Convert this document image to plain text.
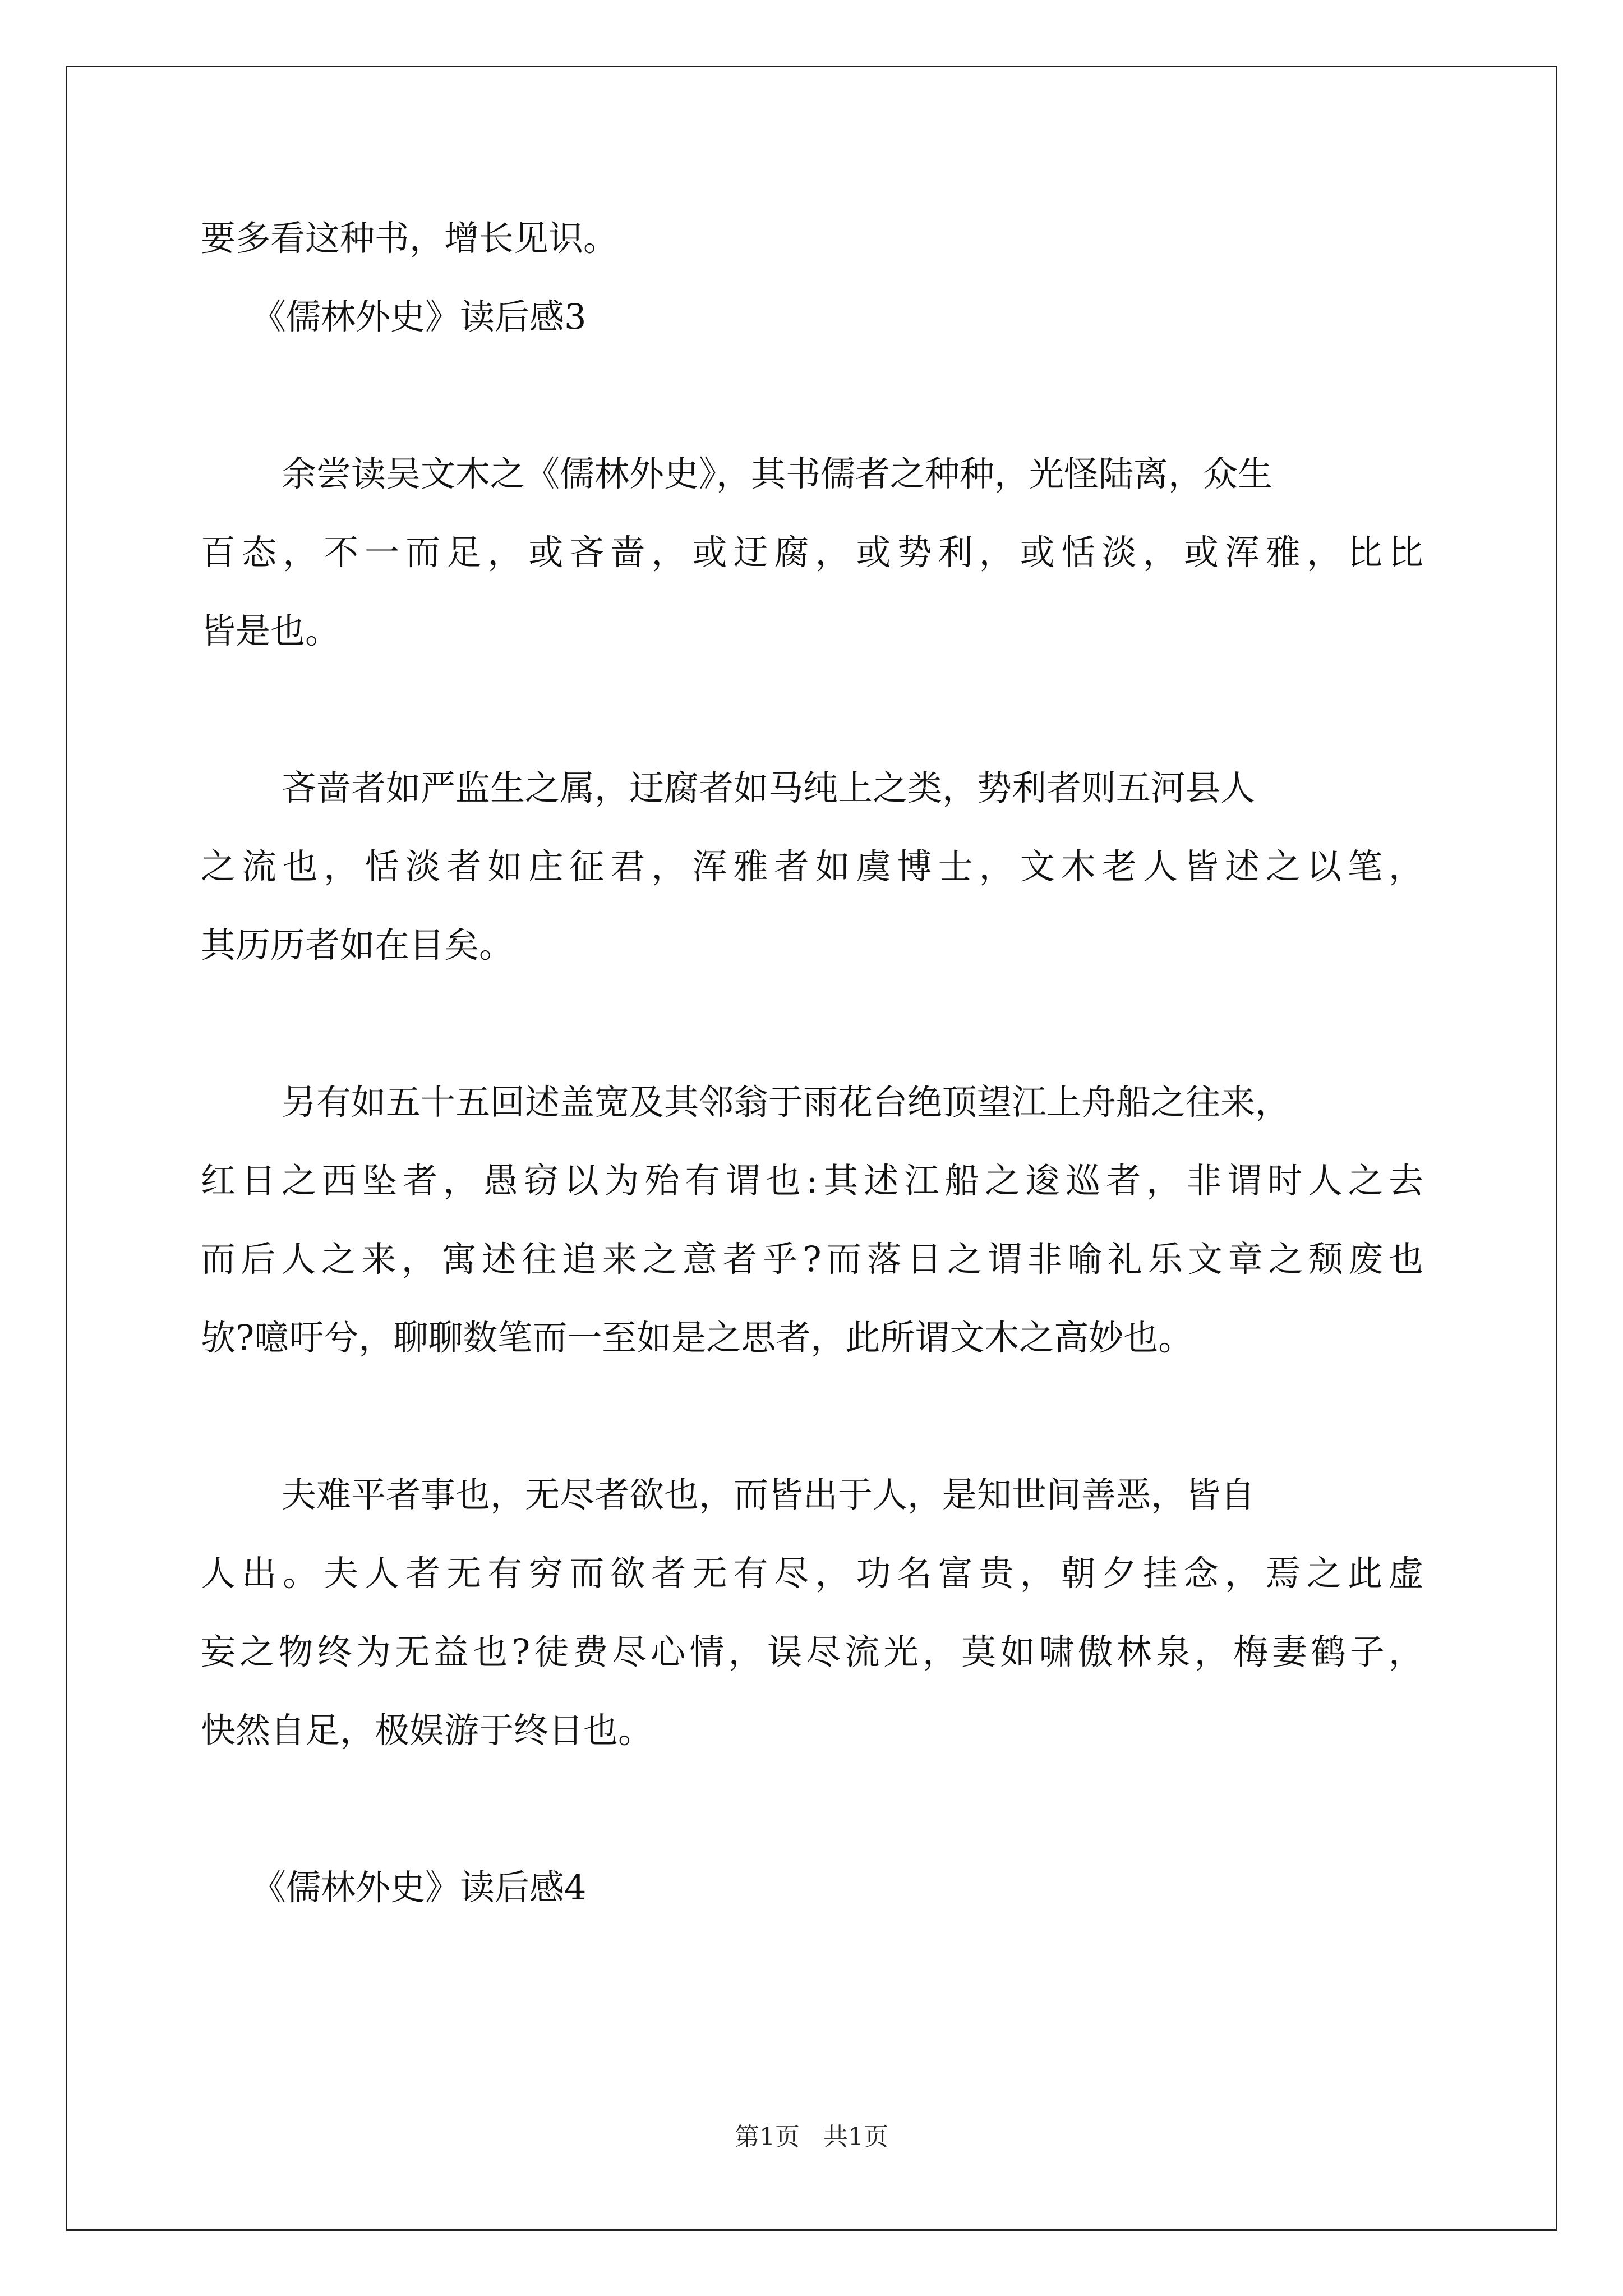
要多看这种书，增长见识。
《儒林外史》读后感3
余尝读吴文木之《儒林外史》，其书儒者之种种，光怪陆离，众生
百态，不一而足，或吝啬，或迂腐，或势利，或恬淡，或浑雅，比比
皆是也。
吝啬者如严监生之属，迂腐者如马纯上之类，势利者则五河县人
之流也，恬淡者如庄征君，浑雅者如虞博士，文木老人皆述之以笔，
其历历者如在目矣。
另有如五十五回述盖宽及其邻翁于雨花台绝顶望江上舟船之往来，
红日之西坠者，愚窃以为殆有谓也:其述江船之逡巡者，非谓时人之去
而后人之来，寓述往追来之意者乎?而落日之谓非喻礼乐文章之颓废也
欤?噫吁兮，聊聊数笔而一至如是之思者，此所谓文木之高妙也。
夫难平者事也，无尽者欲也，而皆出于人，是知世间善恶，皆自
人出。夫人者无有穷而欲者无有尽，功名富贵，朝夕挂念，焉之此虚
妄之物终为无益也?徒费尽心情，误尽流光，莫如啸傲林泉，梅妻鹤子，
快然自足，极娱游于终日也。
《儒林外史》读后感4
第1页 共1页
